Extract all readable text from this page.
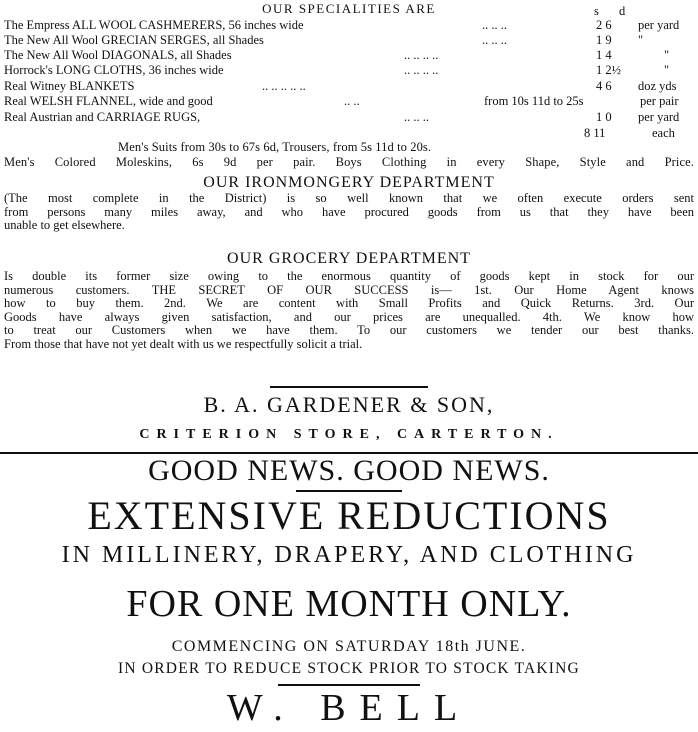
OUR SPECIALITIES ARE	s d
The Empress ALL WOOL CASHMERERS, 56 inches wide	.. .. ..	2 6 per yard
The New All Wool GRECIAN SERGES, all Shades	.. .. ..	1 9 "
The New All Wool DIAGONALS, all Shades	.. .. .. ..	1 4	"
Horrock's LONG CLOTHS, 36 inches wide	.. .. .. ..	1 2½	"
Real Witney BLANKETS	.. .. .. .. ..	4 6 doz yds
Real WELSH FLANNEL, wide and good	.. ..	from 10s 11d to 25s	per pair
Real Austrian and CARRIAGE RUGS,	.. .. ..	1 0 per yard
8 11	each
Men's Suits from 30s to 67s 6d, Trousers, from 5s 11d to 20s.
Men's Colored Moleskins, 6s 9d per pair. Boys Clothing in every Shape, Style and Price.
OUR IRONMONGERY DEPARTMENT
(The most complete in the District) is so well known that we often execute orders sent
from persons many miles away, and who have procured goods from us that they have been
unable to get elsewhere.
OUR GROCERY DEPARTMENT
Is double its former size owing to the enormous quantity of goods kept in stock for our
numerous customers. THE SECRET OF OUR SUCCESS is— 1st. Our Home Agent knows
how to buy them. 2nd. We are content with Small Profits and Quick Returns. 3rd. Our
Goods have always given satisfaction, and our prices are unequalled. 4th. We know how
to treat our Customers when we have them. To our customers we tender our best thanks.
From those that have not yet dealt with us we respectfully solicit a trial.
B. A. GARDENER & SON,
CRITERION STORE, CARTERTON.
GOOD NEWS. GOOD NEWS.
EXTENSIVE REDUCTIONS
IN MILLINERY, DRAPERY, AND CLOTHING
FOR ONE MONTH ONLY.
COMMENCING ON SATURDAY 18th JUNE.
IN ORDER TO REDUCE STOCK PRIOR TO STOCK TAKING
W. BELL
